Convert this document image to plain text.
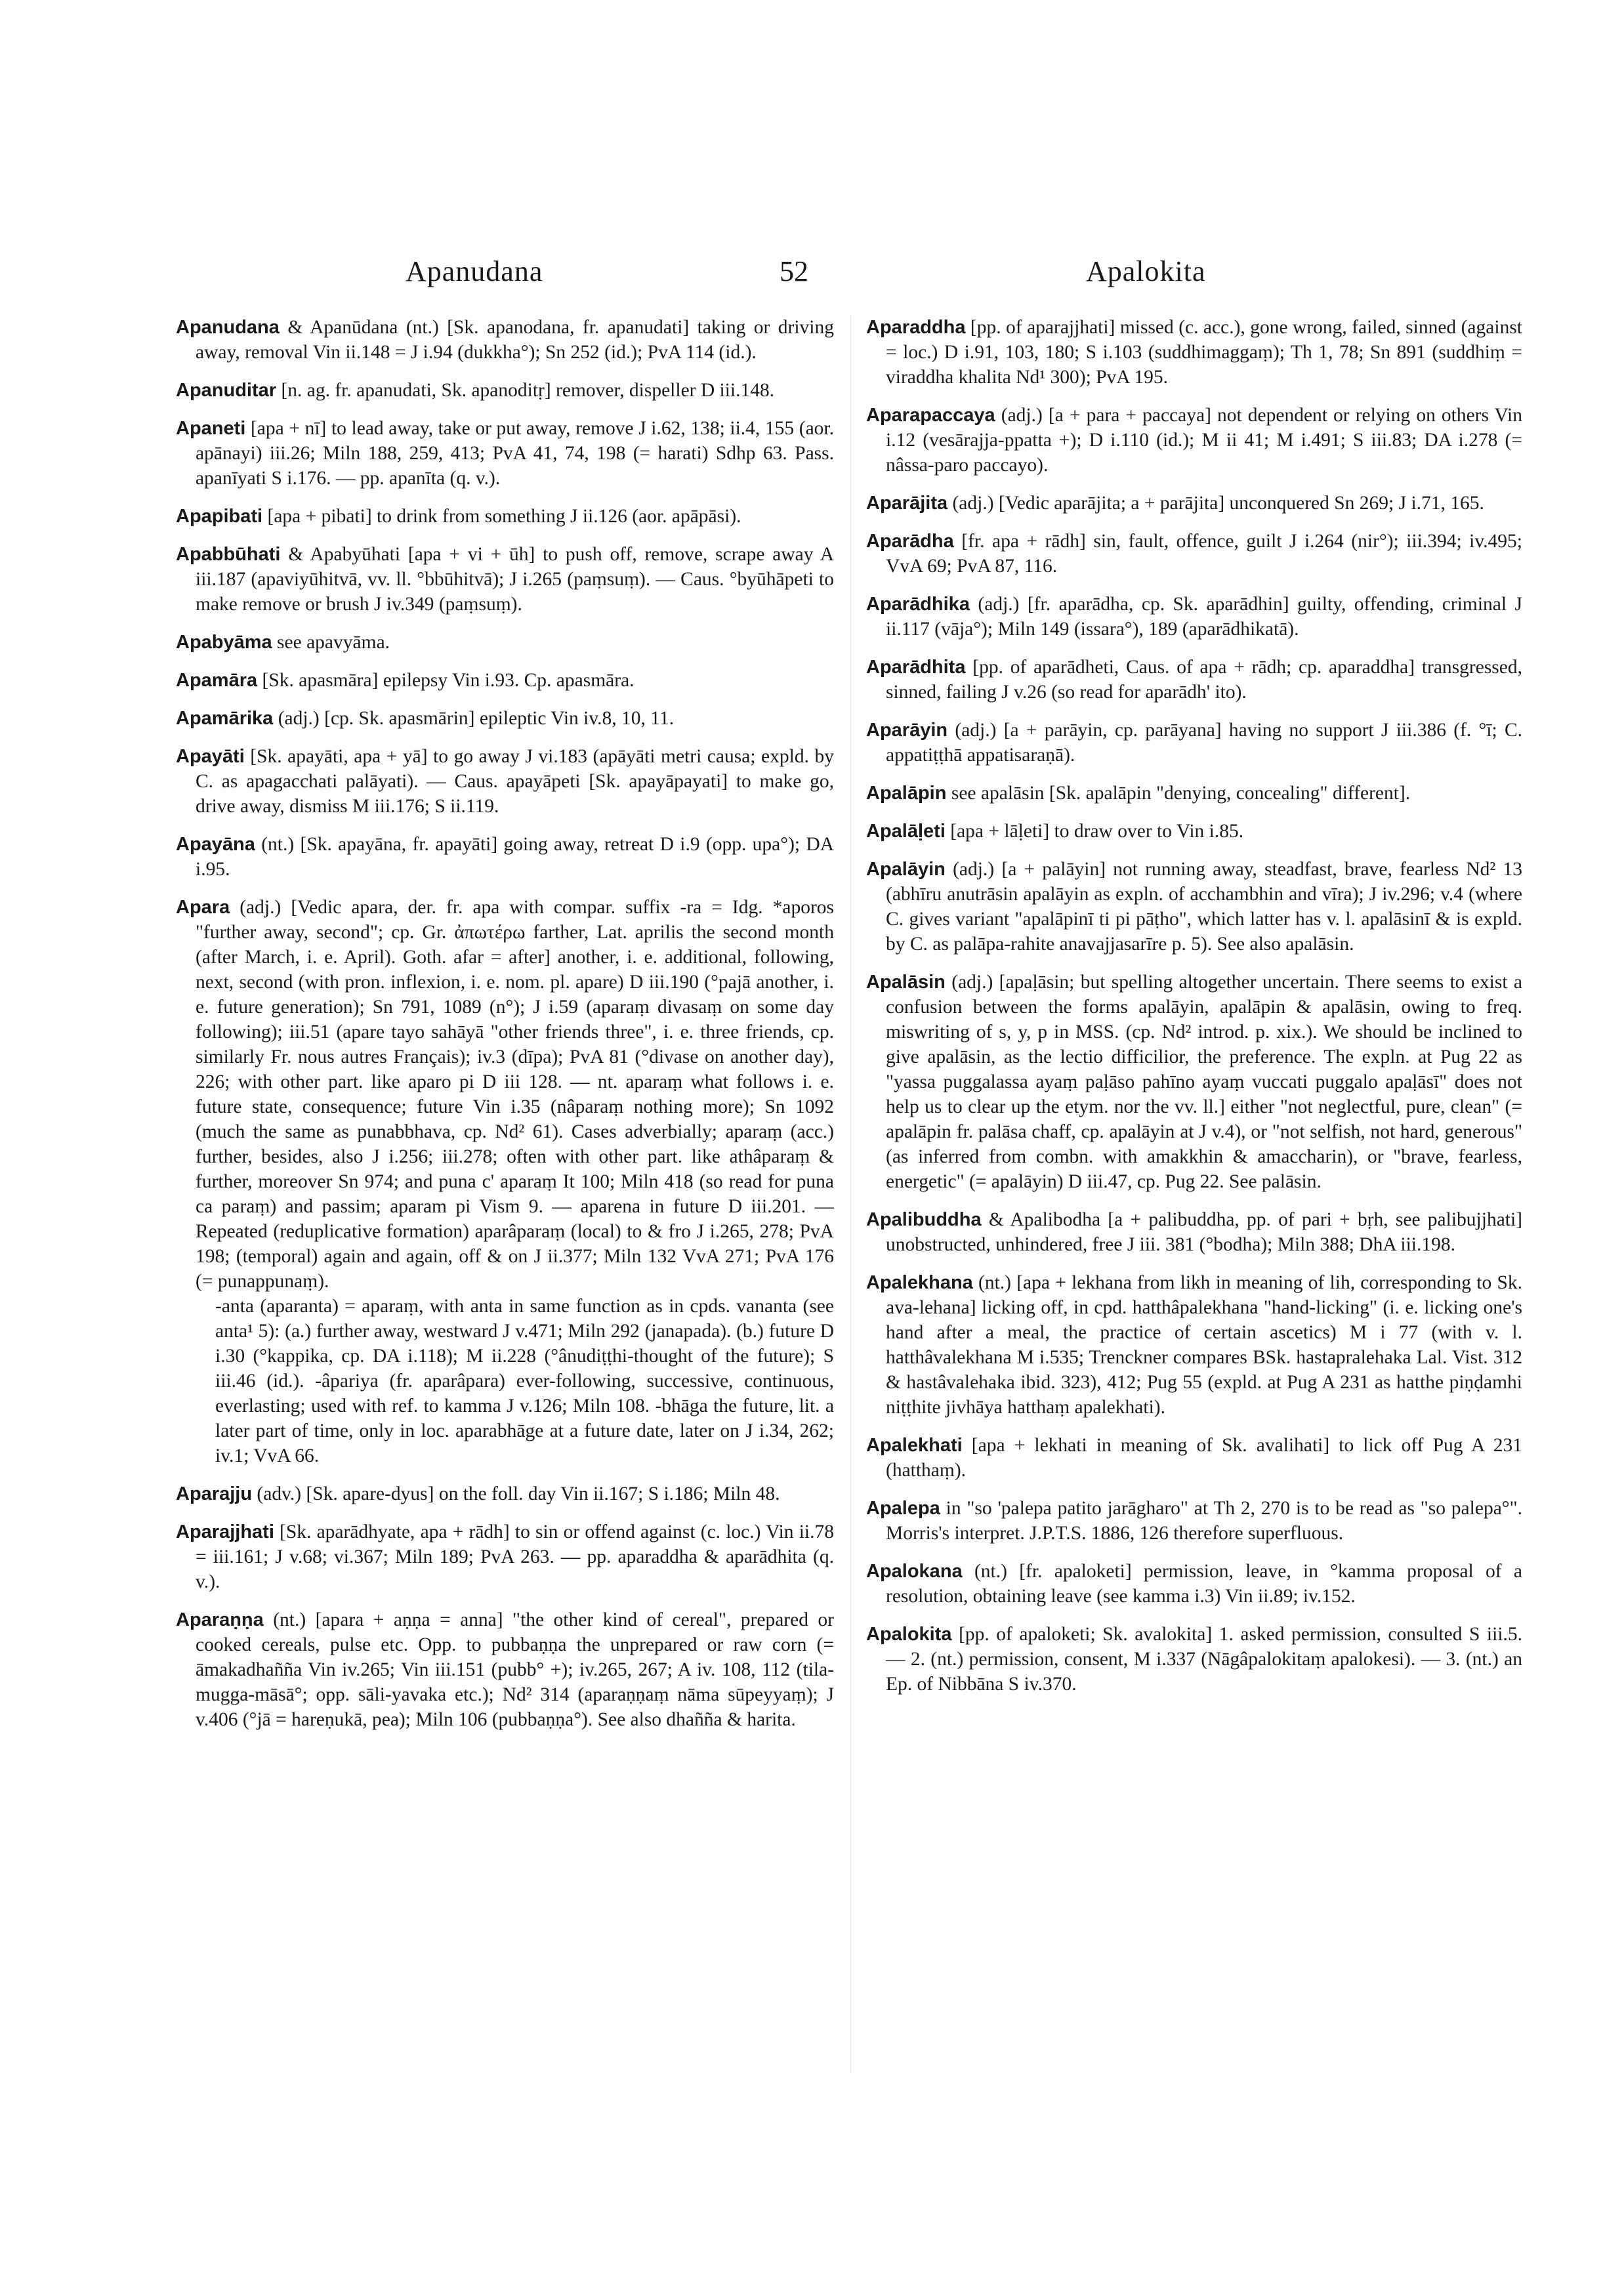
Apanudana	52	Apalokita

Apanudana & Apanūdana (nt.) [Sk. apanodana, fr. apanudati] taking or driving away, removal Vin ii.148 = J i.94 (dukkha°); Sn 252 (id.); PvA 114 (id.).

Apanuditar [n. ag. fr. apanudati, Sk. apanoditṛ] remover, dispeller D iii.148.

Apaneti [apa + nī] to lead away, take or put away, remove J i.62, 138; ii.4, 155 (aor. apānayi) iii.26; Miln 188, 259, 413; PvA 41, 74, 198 (= harati) Sdhp 63. Pass. apanīyati S i.176. — pp. apanīta (q. v.).

Apapibati [apa + pibati] to drink from something J ii.126 (aor. apāpāsi).

Apabbūhati & Apabyūhati [apa + vi + ūh] to push off, remove, scrape away A iii.187 (apaviyūhitvā, vv. ll. °bbūhitvā); J i.265 (paṃsuṃ). — Caus. °byūhāpeti to make remove or brush J iv.349 (paṃsuṃ).

Apabyāma see apavyāma.

Apamāra [Sk. apasmāra] epilepsy Vin i.93. Cp. apasmāra.

Apamārika (adj.) [cp. Sk. apasmārin] epileptic Vin iv.8, 10, 11.

Apayāti [Sk. apayāti, apa + yā] to go away J vi.183 (apāyāti metri causa; expld. by C. as apagacchati palāyati). — Caus. apayāpeti [Sk. apayāpayati] to make go, drive away, dismiss M iii.176; S ii.119.

Apayāna (nt.) [Sk. apayāna, fr. apayāti] going away, retreat D i.9 (opp. upa°); DA i.95.

Apara (adj.) [Vedic apara, der. fr. apa with compar. suffix -ra = Idg. *aporos "further away, second"; cp. Gr. ἀπωτέρω farther, Lat. aprilis the second month (after March, i. e. April). Goth. afar = after] another, i. e. additional, following, next, second (with pron. inflexion, i. e. nom. pl. apare) D iii.190 (°pajā another, i. e. future generation); Sn 791, 1089 (n°); J i.59 (aparaṃ divasaṃ on some day following); iii.51 (apare tayo sahāyā "other friends three", i. e. three friends, cp. similarly Fr. nous autres Français); iv.3 (dīpa); PvA 81 (°divase on another day), 226; with other part. like aparo pi D iii 128. — nt. aparaṃ what follows i. e. future state, consequence; future Vin i.35 (nâparaṃ nothing more); Sn 1092 (much the same as punabbhava, cp. Nd² 61). Cases adverbially; aparaṃ (acc.) further, besides, also J i.256; iii.278; often with other part. like athâparaṃ & further, moreover Sn 974; and puna c' aparaṃ It 100; Miln 418 (so read for puna ca paraṃ) and passim; aparam pi Vism 9. — aparena in future D iii.201. — Repeated (reduplicative formation) aparâparaṃ (local) to & fro J i.265, 278; PvA 198; (temporal) again and again, off & on J ii.377; Miln 132 VvA 271; PvA 176 (= punappunaṃ).
-anta (aparanta) = aparaṃ, with anta in same function as in cpds. vananta (see anta¹ 5): (a.) further away, westward J v.471; Miln 292 (janapada). (b.) future D i.30 (°kappika, cp. DA i.118); M ii.228 (°ânudiṭṭhi-thought of the future); S iii.46 (id.). -âpariya (fr. aparâpara) ever-following, successive, continuous, everlasting; used with ref. to kamma J v.126; Miln 108. -bhāga the future, lit. a later part of time, only in loc. aparabhāge at a future date, later on J i.34, 262; iv.1; VvA 66.

Aparajju (adv.) [Sk. apare-dyus] on the foll. day Vin ii.167; S i.186; Miln 48.

Aparajjhati [Sk. aparādhyate, apa + rādh] to sin or offend against (c. loc.) Vin ii.78 = iii.161; J v.68; vi.367; Miln 189; PvA 263. — pp. aparaddha & aparādhita (q. v.).

Aparaṇṇa (nt.) [apara + aṇṇa = anna] "the other kind of cereal", prepared or cooked cereals, pulse etc. Opp. to pubbaṇṇa the unprepared or raw corn (= āmakadhañña Vin iv.265; Vin iii.151 (pubb° +); iv.265, 267; A iv. 108, 112 (tila-mugga-māsā°; opp. sāli-yavaka etc.); Nd² 314 (aparaṇṇaṃ nāma sūpeyyaṃ); J v.406 (°jā = hareṇukā, pea); Miln 106 (pubbaṇṇa°). See also dhañña & harita.

Aparaddha [pp. of aparajjhati] missed (c. acc.), gone wrong, failed, sinned (against = loc.) D i.91, 103, 180; S i.103 (suddhimaggaṃ); Th 1, 78; Sn 891 (suddhiṃ = viraddha khalita Nd¹ 300); PvA 195.

Aparapaccaya (adj.) [a + para + paccaya] not dependent or relying on others Vin i.12 (vesārajja-ppatta +); D i.110 (id.); M ii 41; M i.491; S iii.83; DA i.278 (= nâssa-paro paccayo).

Aparājita (adj.) [Vedic aparājita; a + parājita] unconquered Sn 269; J i.71, 165.

Aparādha [fr. apa + rādh] sin, fault, offence, guilt J i.264 (nir°); iii.394; iv.495; VvA 69; PvA 87, 116.

Aparādhika (adj.) [fr. aparādha, cp. Sk. aparādhin] guilty, offending, criminal J ii.117 (vāja°); Miln 149 (issara°), 189 (aparādhikatā).

Aparādhita [pp. of aparādheti, Caus. of apa + rādh; cp. aparaddha] transgressed, sinned, failing J v.26 (so read for aparādh' ito).

Aparāyin (adj.) [a + parāyin, cp. parāyana] having no support J iii.386 (f. °ī; C. appatiṭṭhā appatisaraṇā).

Apalāpin see apalāsin [Sk. apalāpin "denying, concealing" different].

Apalāḷeti [apa + lāḷeti] to draw over to Vin i.85.

Apalāyin (adj.) [a + palāyin] not running away, steadfast, brave, fearless Nd² 13 (abhīru anutrāsin apalāyin as expln. of acchambhin and vīra); J iv.296; v.4 (where C. gives variant "apalāpinī ti pi pāṭho", which latter has v. l. apalāsinī & is expld. by C. as palāpa-rahite anavajjasarīre p. 5). See also apalāsin.

Apalāsin (adj.) [apaḷāsin; but spelling altogether uncertain. There seems to exist a confusion between the forms apalāyin, apalāpin & apalāsin, owing to freq. miswriting of s, y, p in MSS. (cp. Nd² introd. p. xix.). We should be inclined to give apalāsin, as the lectio difficilior, the preference. The expln. at Pug 22 as "yassa puggalassa ayaṃ paḷāso pahīno ayaṃ vuccati puggalo apaḷāsī" does not help us to clear up the etym. nor the vv. ll.] either "not neglectful, pure, clean" (= apalāpin fr. palāsa chaff, cp. apalāyin at J v.4), or "not selfish, not hard, generous" (as inferred from combn. with amakkhin & amaccharin), or "brave, fearless, energetic" (= apalāyin) D iii.47, cp. Pug 22. See palāsin.

Apalibuddha & Apalibodha [a + palibuddha, pp. of pari + bṛh, see palibujjhati] unobstructed, unhindered, free J iii. 381 (°bodha); Miln 388; DhA iii.198.

Apalekhana (nt.) [apa + lekhana from likh in meaning of lih, corresponding to Sk. ava-lehana] licking off, in cpd. hatthâpalekhana "hand-licking" (i. e. licking one's hand after a meal, the practice of certain ascetics) M i 77 (with v. l. hatthâvalekhana M i.535; Trenckner compares BSk. hastapralehaka Lal. Vist. 312 & hastâvalehaka ibid. 323), 412; Pug 55 (expld. at Pug A 231 as hatthe piṇḍamhi niṭṭhite jivhāya hatthaṃ apalekhati).

Apalekhati [apa + lekhati in meaning of Sk. avalihati] to lick off Pug A 231 (hatthaṃ).

Apalepa in "so 'palepa patito jarāgharo" at Th 2, 270 is to be read as "so palepa°". Morris's interpret. J.P.T.S. 1886, 126 therefore superfluous.

Apalokana (nt.) [fr. apaloketi] permission, leave, in °kamma proposal of a resolution, obtaining leave (see kamma i.3) Vin ii.89; iv.152.

Apalokita [pp. of apaloketi; Sk. avalokita] 1. asked permission, consulted S iii.5. — 2. (nt.) permission, consent, M i.337 (Nāgâpalokitaṃ apalokesi). — 3. (nt.) an Ep. of Nibbāna S iv.370.
